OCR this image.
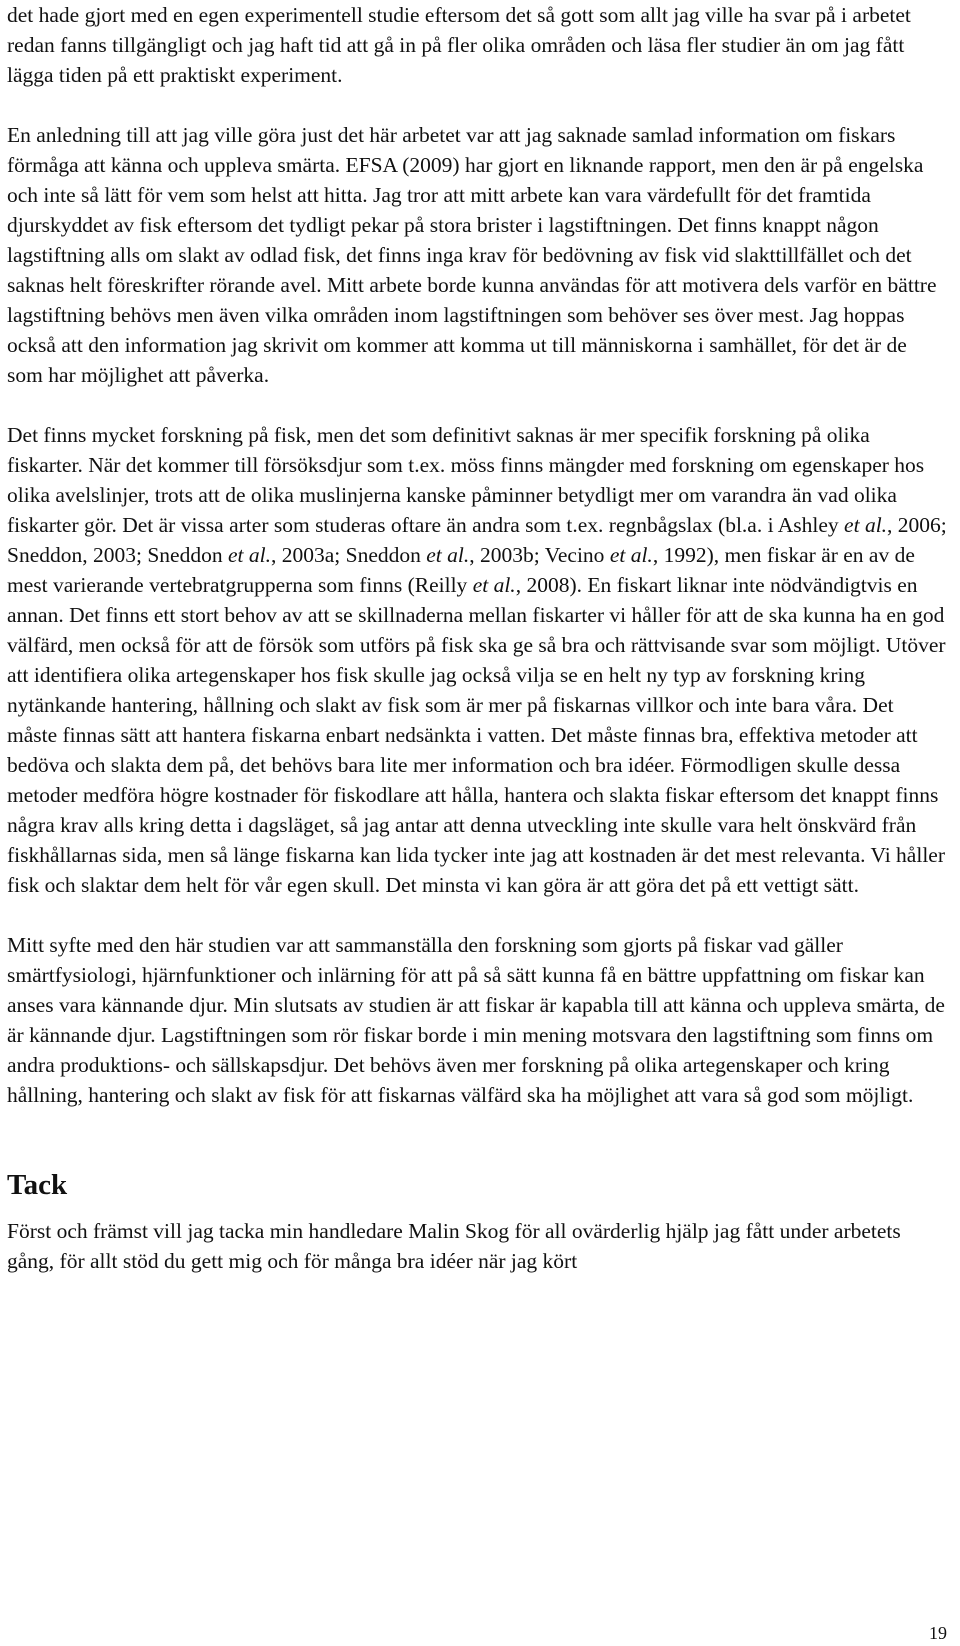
det hade gjort med en egen experimentell studie eftersom det så gott som allt jag ville ha svar på i arbetet redan fanns tillgängligt och jag haft tid att gå in på fler olika områden och läsa fler studier än om jag fått lägga tiden på ett praktiskt experiment.

En anledning till att jag ville göra just det här arbetet var att jag saknade samlad information om fiskars förmåga att känna och uppleva smärta. EFSA (2009) har gjort en liknande rapport, men den är på engelska och inte så lätt för vem som helst att hitta. Jag tror att mitt arbete kan vara värdefullt för det framtida djurskyddet av fisk eftersom det tydligt pekar på stora brister i lagstiftningen. Det finns knappt någon lagstiftning alls om slakt av odlad fisk, det finns inga krav för bedövning av fisk vid slakttillfället och det saknas helt föreskrifter rörande avel. Mitt arbete borde kunna användas för att motivera dels varför en bättre lagstiftning behövs men även vilka områden inom lagstiftningen som behöver ses över mest. Jag hoppas också att den information jag skrivit om kommer att komma ut till människorna i samhället, för det är de som har möjlighet att påverka.

Det finns mycket forskning på fisk, men det som definitivt saknas är mer specifik forskning på olika fiskarter. När det kommer till försöksdjur som t.ex. möss finns mängder med forskning om egenskaper hos olika avelslinjer, trots att de olika muslinjerna kanske påminner betydligt mer om varandra än vad olika fiskarter gör. Det är vissa arter som studeras oftare än andra som t.ex. regnbågslax (bl.a. i Ashley et al., 2006; Sneddon, 2003; Sneddon et al., 2003a; Sneddon et al., 2003b; Vecino et al., 1992), men fiskar är en av de mest varierande vertebratgrupperna som finns (Reilly et al., 2008). En fiskart liknar inte nödvändigtvis en annan. Det finns ett stort behov av att se skillnaderna mellan fiskarter vi håller för att de ska kunna ha en god välfärd, men också för att de försök som utförs på fisk ska ge så bra och rättvisande svar som möjligt. Utöver att identifiera olika artegenskaper hos fisk skulle jag också vilja se en helt ny typ av forskning kring nytänkande hantering, hållning och slakt av fisk som är mer på fiskarnas villkor och inte bara våra. Det måste finnas sätt att hantera fiskarna enbart nedsänkta i vatten. Det måste finnas bra, effektiva metoder att bedöva och slakta dem på, det behövs bara lite mer information och bra idéer. Förmodligen skulle dessa metoder medföra högre kostnader för fiskodlare att hålla, hantera och slakta fiskar eftersom det knappt finns några krav alls kring detta i dagsläget, så jag antar att denna utveckling inte skulle vara helt önskvärd från fiskhållarnas sida, men så länge fiskarna kan lida tycker inte jag att kostnaden är det mest relevanta. Vi håller fisk och slaktar dem helt för vår egen skull. Det minsta vi kan göra är att göra det på ett vettigt sätt.

Mitt syfte med den här studien var att sammanställa den forskning som gjorts på fiskar vad gäller smärtfysiologi, hjärnfunktioner och inlärning för att på så sätt kunna få en bättre uppfattning om fiskar kan anses vara kännande djur. Min slutsats av studien är att fiskar är kapabla till att känna och uppleva smärta, de är kännande djur. Lagstiftningen som rör fiskar borde i min mening motsvara den lagstiftning som finns om andra produktions- och sällskapsdjur. Det behövs även mer forskning på olika artegenskaper och kring hållning, hantering och slakt av fisk för att fiskarnas välfärd ska ha möjlighet att vara så god som möjligt.

Tack

Först och främst vill jag tacka min handledare Malin Skog för all ovärderlig hjälp jag fått under arbetets gång, för allt stöd du gett mig och för många bra idéer när jag kört

19
